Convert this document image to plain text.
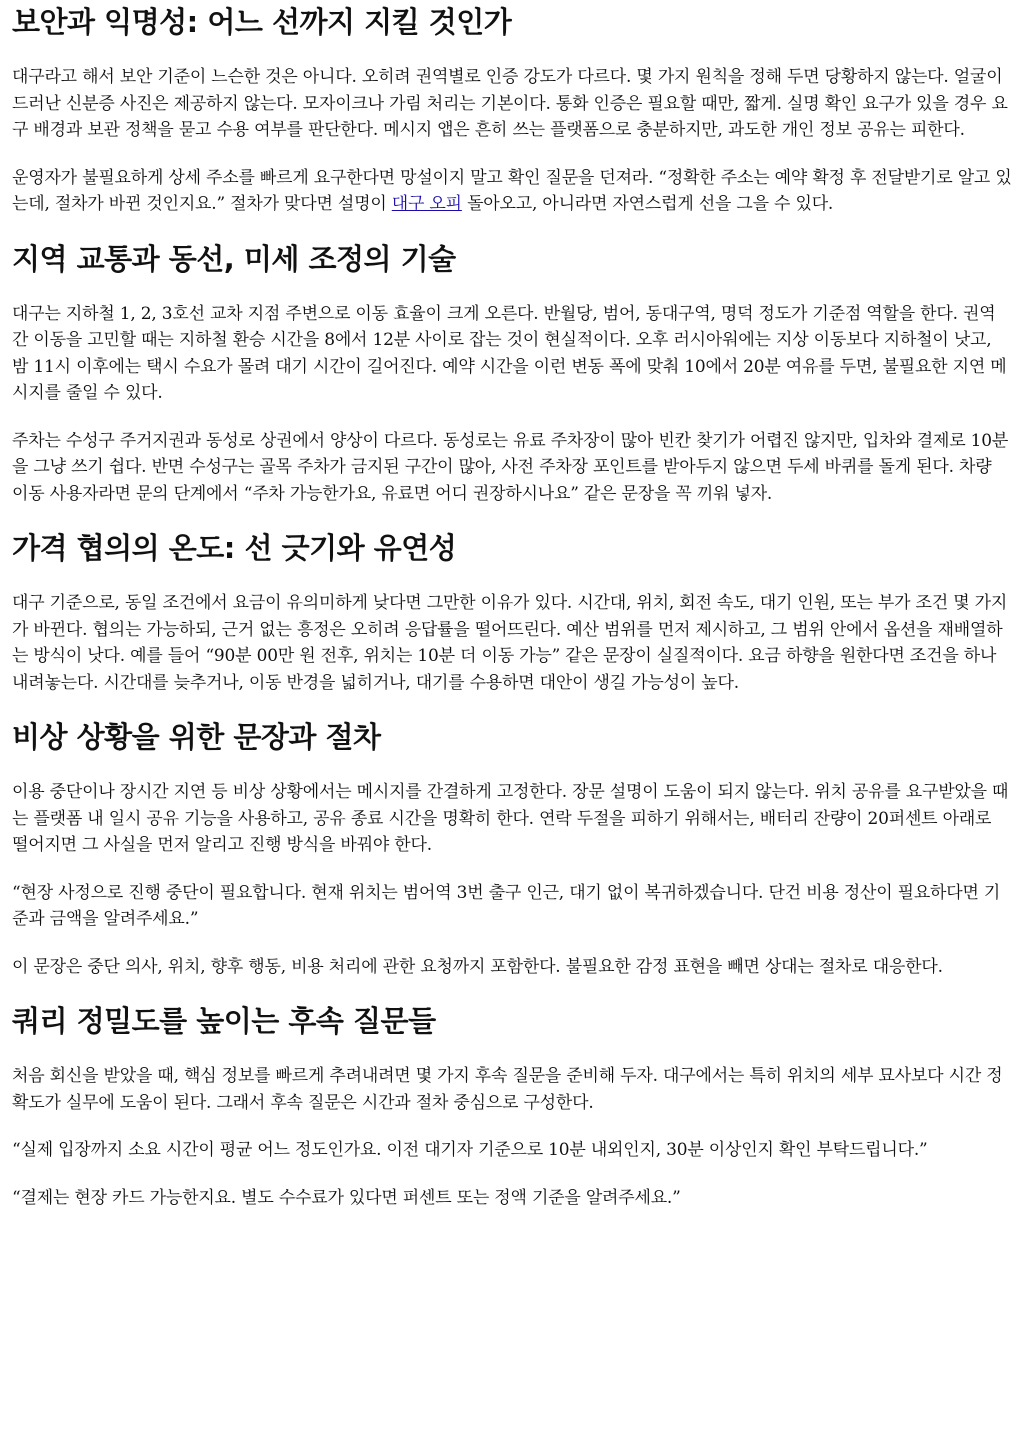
보안과 익명성: 어느 선까지 지킬 것인가

대구라고 해서 보안 기준이 느슨한 것은 아니다. 오히려 권역별로 인증 강도가 다르다. 몇 가지 원칙을 정해 두면 당황하지 않는다. 얼굴이 드러난 신분증 사진은 제공하지 않는다. 모자이크나 가림 처리는 기본이다. 통화 인증은 필요할 때만, 짧게. 실명 확인 요구가 있을 경우 요구 배경과 보관 정책을 묻고 수용 여부를 판단한다. 메시지 앱은 흔히 쓰는 플랫폼으로 충분하지만, 과도한 개인 정보 공유는 피한다.

운영자가 불필요하게 상세 주소를 빠르게 요구한다면 망설이지 말고 확인 질문을 던져라. “정확한 주소는 예약 확정 후 전달받기로 알고 있는데, 절차가 바뀐 것인지요.” 절차가 맞다면 설명이 대구 오피 돌아오고, 아니라면 자연스럽게 선을 그을 수 있다.

지역 교통과 동선, 미세 조정의 기술

대구는 지하철 1, 2, 3호선 교차 지점 주변으로 이동 효율이 크게 오른다. 반월당, 범어, 동대구역, 명덕 정도가 기준점 역할을 한다. 권역 간 이동을 고민할 때는 지하철 환승 시간을 8에서 12분 사이로 잡는 것이 현실적이다. 오후 러시아워에는 지상 이동보다 지하철이 낫고, 밤 11시 이후에는 택시 수요가 몰려 대기 시간이 길어진다. 예약 시간을 이런 변동 폭에 맞춰 10에서 20분 여유를 두면, 불필요한 지연 메시지를 줄일 수 있다.

주차는 수성구 주거지권과 동성로 상권에서 양상이 다르다. 동성로는 유료 주차장이 많아 빈칸 찾기가 어렵진 않지만, 입차와 결제로 10분을 그냥 쓰기 쉽다. 반면 수성구는 골목 주차가 금지된 구간이 많아, 사전 주차장 포인트를 받아두지 않으면 두세 바퀴를 돌게 된다. 차량 이동 사용자라면 문의 단계에서 “주차 가능한가요, 유료면 어디 권장하시나요” 같은 문장을 꼭 끼워 넣자.

가격 협의의 온도: 선 긋기와 유연성

대구 기준으로, 동일 조건에서 요금이 유의미하게 낮다면 그만한 이유가 있다. 시간대, 위치, 회전 속도, 대기 인원, 또는 부가 조건 몇 가지가 바뀐다. 협의는 가능하되, 근거 없는 흥정은 오히려 응답률을 떨어뜨린다. 예산 범위를 먼저 제시하고, 그 범위 안에서 옵션을 재배열하는 방식이 낫다. 예를 들어 “90분 00만 원 전후, 위치는 10분 더 이동 가능” 같은 문장이 실질적이다. 요금 하향을 원한다면 조건을 하나 내려놓는다. 시간대를 늦추거나, 이동 반경을 넓히거나, 대기를 수용하면 대안이 생길 가능성이 높다.

비상 상황을 위한 문장과 절차

이용 중단이나 장시간 지연 등 비상 상황에서는 메시지를 간결하게 고정한다. 장문 설명이 도움이 되지 않는다. 위치 공유를 요구받았을 때는 플랫폼 내 일시 공유 기능을 사용하고, 공유 종료 시간을 명확히 한다. 연락 두절을 피하기 위해서는, 배터리 잔량이 20퍼센트 아래로 떨어지면 그 사실을 먼저 알리고 진행 방식을 바꿔야 한다.

“현장 사정으로 진행 중단이 필요합니다. 현재 위치는 범어역 3번 출구 인근, 대기 없이 복귀하겠습니다. 단건 비용 정산이 필요하다면 기준과 금액을 알려주세요.”

이 문장은 중단 의사, 위치, 향후 행동, 비용 처리에 관한 요청까지 포함한다. 불필요한 감정 표현을 빼면 상대는 절차로 대응한다.

쿼리 정밀도를 높이는 후속 질문들

처음 회신을 받았을 때, 핵심 정보를 빠르게 추려내려면 몇 가지 후속 질문을 준비해 두자. 대구에서는 특히 위치의 세부 묘사보다 시간 정확도가 실무에 도움이 된다. 그래서 후속 질문은 시간과 절차 중심으로 구성한다.

“실제 입장까지 소요 시간이 평균 어느 정도인가요. 이전 대기자 기준으로 10분 내외인지, 30분 이상인지 확인 부탁드립니다.”

“결제는 현장 카드 가능한지요. 별도 수수료가 있다면 퍼센트 또는 정액 기준을 알려주세요.”
